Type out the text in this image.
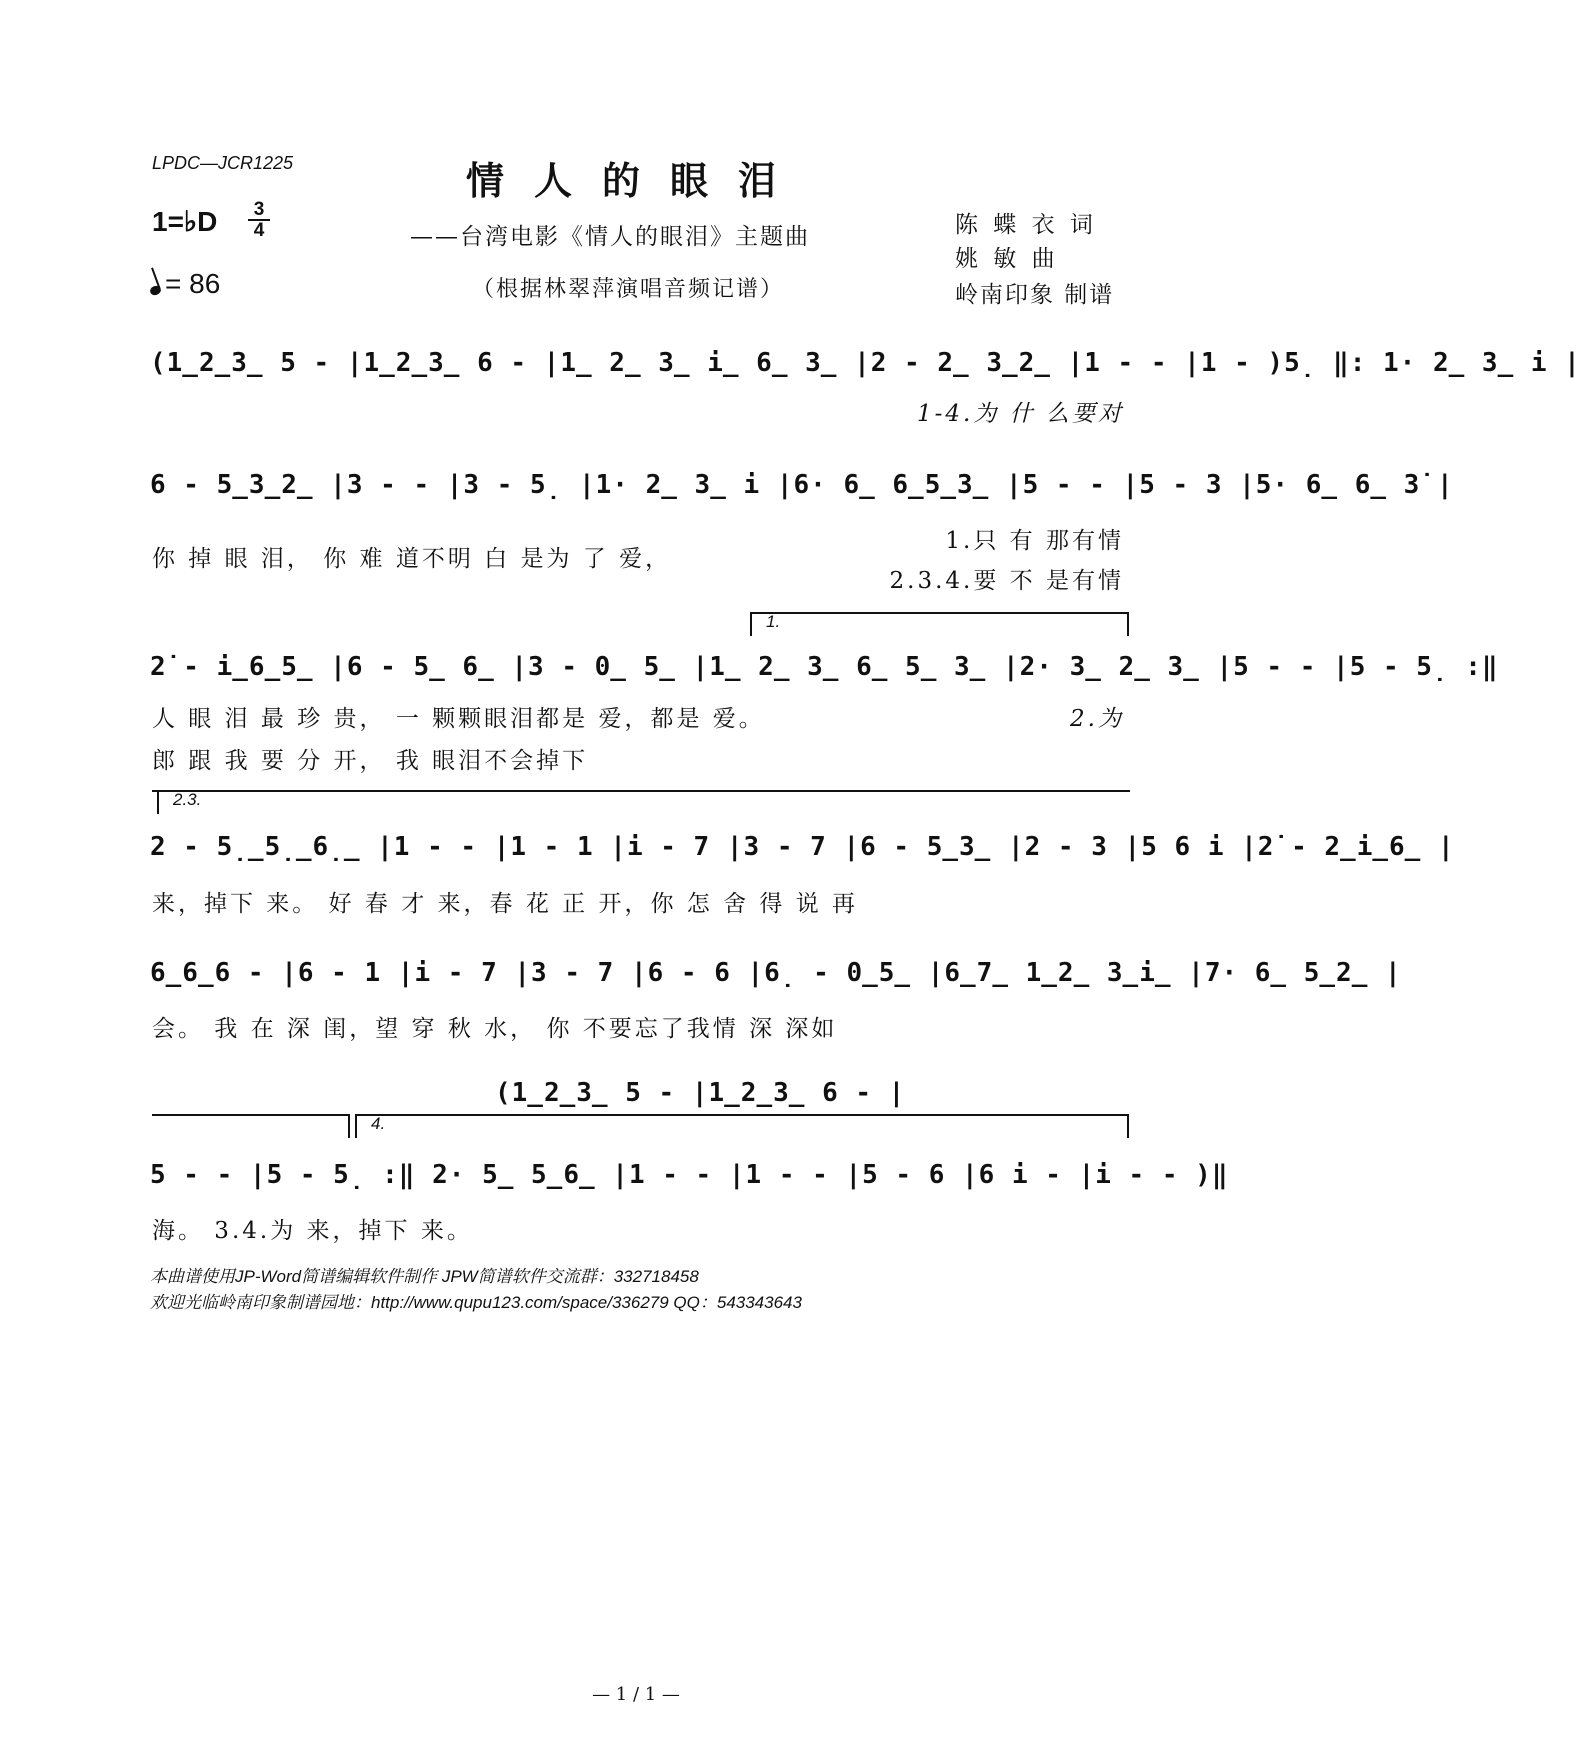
LPDC—JCR1225	情人的眼泪
——台湾电影《情人的眼泪》主题曲
（根据林翠萍演唱音频记谱）
陈 蝶 衣 词
姚 敏 曲
岭南印象 制谱
1=♭D	3
4
= 86
(1̲2̲3̲ 5 - |1̲2̲3̲ 6 - |1̲ 2̲ 3̲ i̲ 6̲ 3̲ |2 - 2̲ 3̲2̲ |1 - - |1 - )5̣ ‖: 1· 2̲ 3̲ i |
1-4.为 什 么要对
6 - 5̲3̲2̲ |3 - - |3 - 5̣ |1· 2̲ 3̲ i |6· 6̲ 6̲5̲3̲ |5 - - |5 - 3 |5· 6̲ 6̲ 3̇ |
你 掉 眼 泪， 你 难 道不明 白 是为 了 爱，
1.只 有 那有情
2.3.4.要 不 是有情
1.
2̇ - i̲6̲5̲ |6 - 5̲ 6̲ |3 - 0̲ 5̲ |1̲ 2̲ 3̲ 6̲ 5̲ 3̲ |2· 3̲ 2̲ 3̲ |5 - - |5 - 5̣ :‖
人 眼 泪 最 珍 贵， 一 颗颗眼泪都是 爱，都是 爱。	2.为
郎 跟 我 要 分 开， 我 眼泪不会掉下
2.3.
2 - 5̣̲5̣̲6̣̲ |1 - - |1 - 1 |i - 7 |3 - 7 |6 - 5̲3̲ |2 - 3 |5 6 i |2̇ - 2̲i̲6̲ |
来，掉下 来。 好 春 才 来，春 花 正 开，你 怎 舍 得 说 再
6̲6̲6 - |6 - 1 |i - 7 |3 - 7 |6 - 6 |6̣ - 0̲5̲ |6̲7̲ 1̲2̲ 3̲i̲ |7· 6̲ 5̲2̲ |
会。 我 在 深 闺，望 穿 秋 水， 你 不要忘了我情 深 深如
(1̲2̲3̲ 5 - |1̲2̲3̲ 6 - |
4.
5 - - |5 - 5̣ :‖ 2· 5̲ 5̲6̲ |1 - - |1 - - |5 - 6 |6 i - |i - - )‖
海。 3.4.为 来，掉下 来。
本曲谱使用JP-Word简谱编辑软件制作 JPW简谱软件交流群：332718458
欢迎光临岭南印象制谱园地：http://www.qupu123.com/space/336279 QQ：543343643
— 1 / 1 —
